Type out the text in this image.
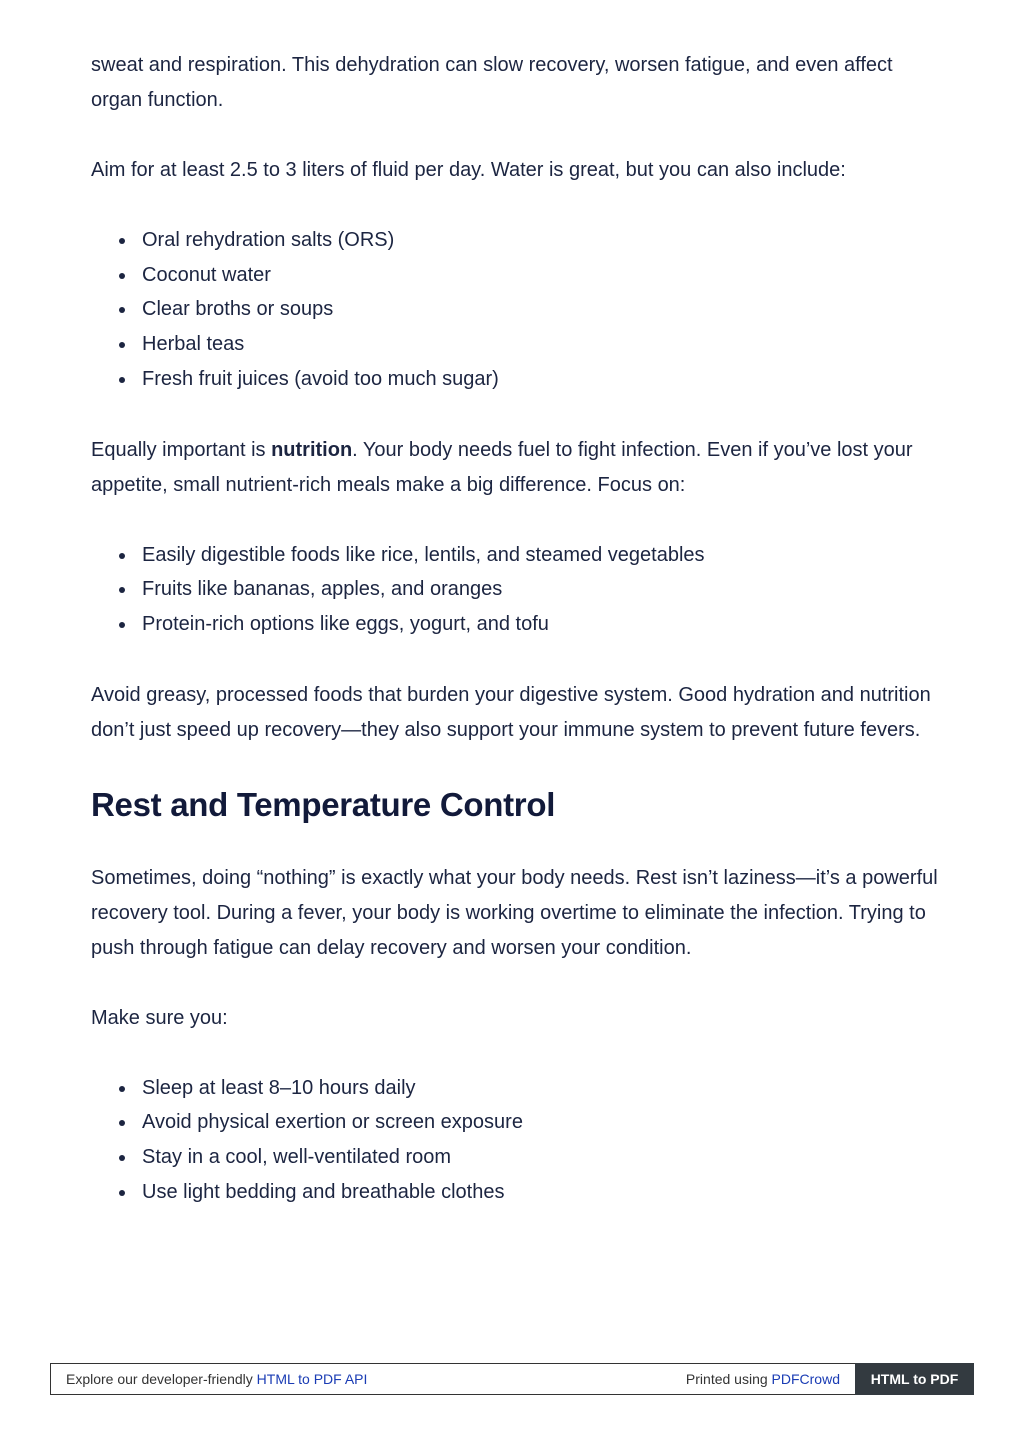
sweat and respiration. This dehydration can slow recovery, worsen fatigue, and even affect organ function.

Aim for at least 2.5 to 3 liters of fluid per day. Water is great, but you can also include:

Oral rehydration salts (ORS)
Coconut water
Clear broths or soups
Herbal teas
Fresh fruit juices (avoid too much sugar)

Equally important is nutrition. Your body needs fuel to fight infection. Even if you’ve lost your appetite, small nutrient-rich meals make a big difference. Focus on:

Easily digestible foods like rice, lentils, and steamed vegetables
Fruits like bananas, apples, and oranges
Protein-rich options like eggs, yogurt, and tofu

Avoid greasy, processed foods that burden your digestive system. Good hydration and nutrition don’t just speed up recovery—they also support your immune system to prevent future fevers.

Rest and Temperature Control

Sometimes, doing “nothing” is exactly what your body needs. Rest isn’t laziness—it’s a powerful recovery tool. During a fever, your body is working overtime to eliminate the infection. Trying to push through fatigue can delay recovery and worsen your condition.

Make sure you:

Sleep at least 8–10 hours daily
Avoid physical exertion or screen exposure
Stay in a cool, well-ventilated room
Use light bedding and breathable clothes
Explore our developer-friendly HTML to PDF API	Printed using PDFCrowd	HTML to PDF
